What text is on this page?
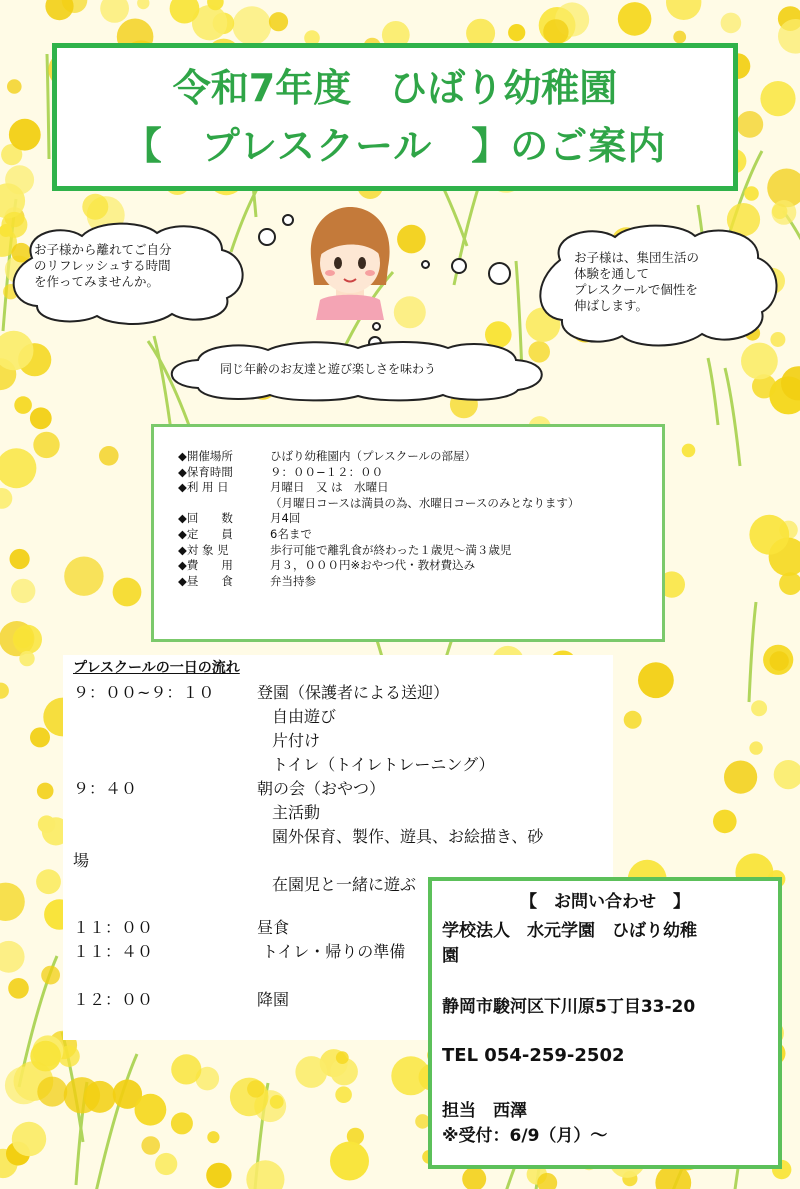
令和7年度　ひばり幼稚園
【　プレスクール　】のご案内
お子様から離れてご自分
のリフレッシュする時間
を作ってみませんか。
お子様は、集団生活の
体験を通して
プレスクールで個性を
伸ばします。
同じ年齢のお友達と遊び楽しさを味わう
◆開催場所	ひばり幼稚園内（プレスクールの部屋）
◆保育時間	９：００−１２：００
◆利 用 日	月曜日　又 は　水曜日
（月曜日コースは満員の為、水曜日コースのみとなります）
◆回　　数	月4回
◆定　　員	6名まで
◆対 象 児	歩行可能で離乳食が終わった１歳児〜満３歳児
◆費　　用	月３，０００円※おやつ代・教材費込み
◆昼　　食	弁当持参
プレスクールの一日の流れ
９：００~９：１０	登園（保護者による送迎）
自由遊び
片付け
トイレ（トイレトレーニング）
９：４０	朝の会（おやつ）
主活動
園外保育、製作、遊具、お絵描き、砂
場
在園児と一緒に遊ぶ
１１：００	昼食
１１：４０	トイレ・帰りの準備
１２：００	降園
【　お問い合わせ　】
学校法人　水元学園　ひばり幼稚
園
静岡市駿河区下川原5丁目33-20
TEL 054-259-2502
担当　西澤
※受付：6/9（月）〜
